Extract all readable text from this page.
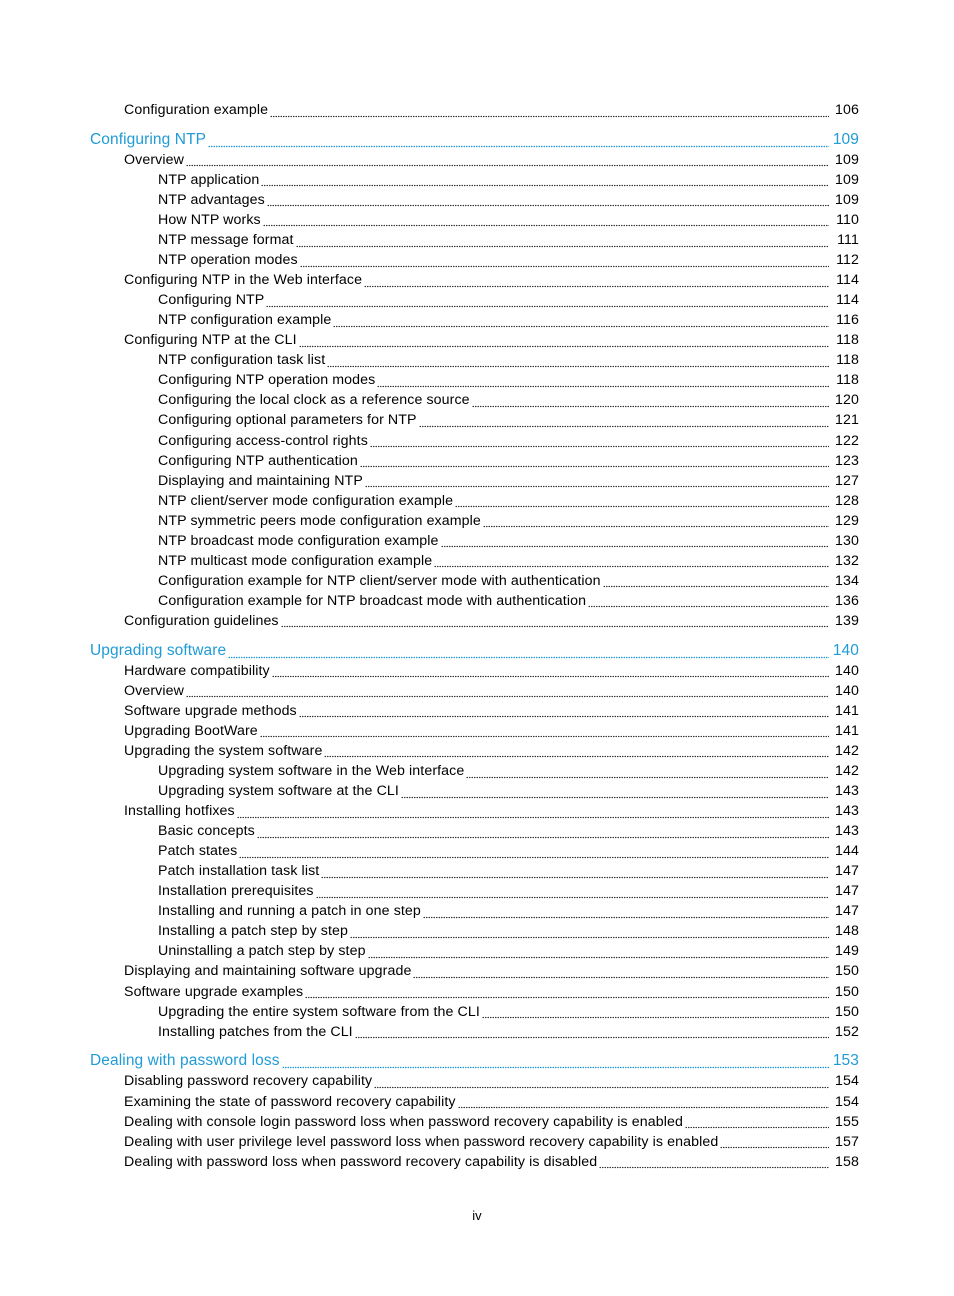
Configuration example	106
Configuring NTP	109
Overview	109
NTP application	109
NTP advantages	109
How NTP works	110
NTP message format	111
NTP operation modes	112
Configuring NTP in the Web interface	114
Configuring NTP	114
NTP configuration example	116
Configuring NTP at the CLI	118
NTP configuration task list	118
Configuring NTP operation modes	118
Configuring the local clock as a reference source	120
Configuring optional parameters for NTP	121
Configuring access-control rights	122
Configuring NTP authentication	123
Displaying and maintaining NTP	127
NTP client/server mode configuration example	128
NTP symmetric peers mode configuration example	129
NTP broadcast mode configuration example	130
NTP multicast mode configuration example	132
Configuration example for NTP client/server mode with authentication	134
Configuration example for NTP broadcast mode with authentication	136
Configuration guidelines	139
Upgrading software	140
Hardware compatibility	140
Overview	140
Software upgrade methods	141
Upgrading BootWare	141
Upgrading the system software	142
Upgrading system software in the Web interface	142
Upgrading system software at the CLI	143
Installing hotfixes	143
Basic concepts	143
Patch states	144
Patch installation task list	147
Installation prerequisites	147
Installing and running a patch in one step	147
Installing a patch step by step	148
Uninstalling a patch step by step	149
Displaying and maintaining software upgrade	150
Software upgrade examples	150
Upgrading the entire system software from the CLI	150
Installing patches from the CLI	152
Dealing with password loss	153
Disabling password recovery capability	154
Examining the state of password recovery capability	154
Dealing with console login password loss when password recovery capability is enabled	155
Dealing with user privilege level password loss when password recovery capability is enabled	157
Dealing with password loss when password recovery capability is disabled	158
iv
